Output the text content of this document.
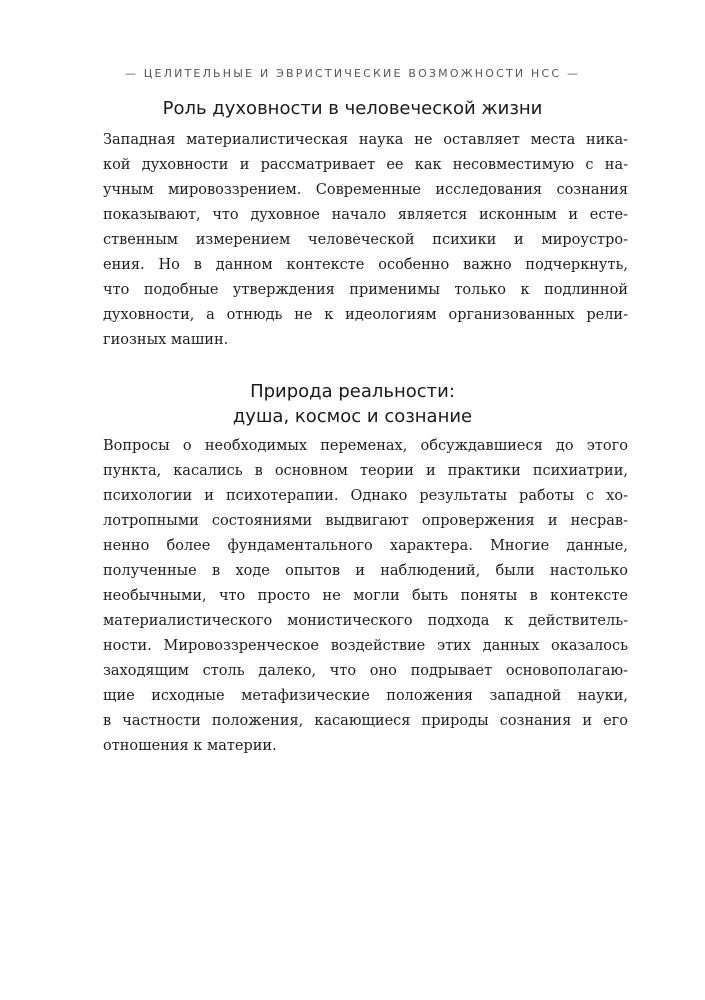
— ЦЕЛИТЕЛЬНЫЕ И ЭВРИСТИЧЕСКИЕ ВОЗМОЖНОСТИ НСС —
Роль духовности в человеческой жизни
Западная материалистическая наука не оставляет места ника-
кой духовности и рассматривает ее как несовместимую с на-
учным мировоззрением. Современные исследования сознания
показывают, что духовное начало является исконным и есте-
ственным измерением человеческой психики и мироустро-
ения. Но в данном контексте особенно важно подчеркнуть,
что подобные утверждения применимы только к подлинной
духовности, а отнюдь не к идеологиям организованных рели-
гиозных машин.
Природа реальности:
душа, космос и сознание
Вопросы о необходимых переменах, обсуждавшиеся до этого
пункта, касались в основном теории и практики психиатрии,
психологии и психотерапии. Однако результаты работы с хо-
лотропными состояниями выдвигают опровержения и несрав-
ненно более фундаментального характера. Многие данные,
полученные в ходе опытов и наблюдений, были настолько
необычными, что просто не могли быть поняты в контексте
материалистического монистического подхода к действитель-
ности. Мировоззренческое воздействие этих данных оказалось
заходящим столь далеко, что оно подрывает основополагаю-
щие исходные метафизические положения западной науки,
в частности положения, касающиеся природы сознания и его
отношения к материи.
